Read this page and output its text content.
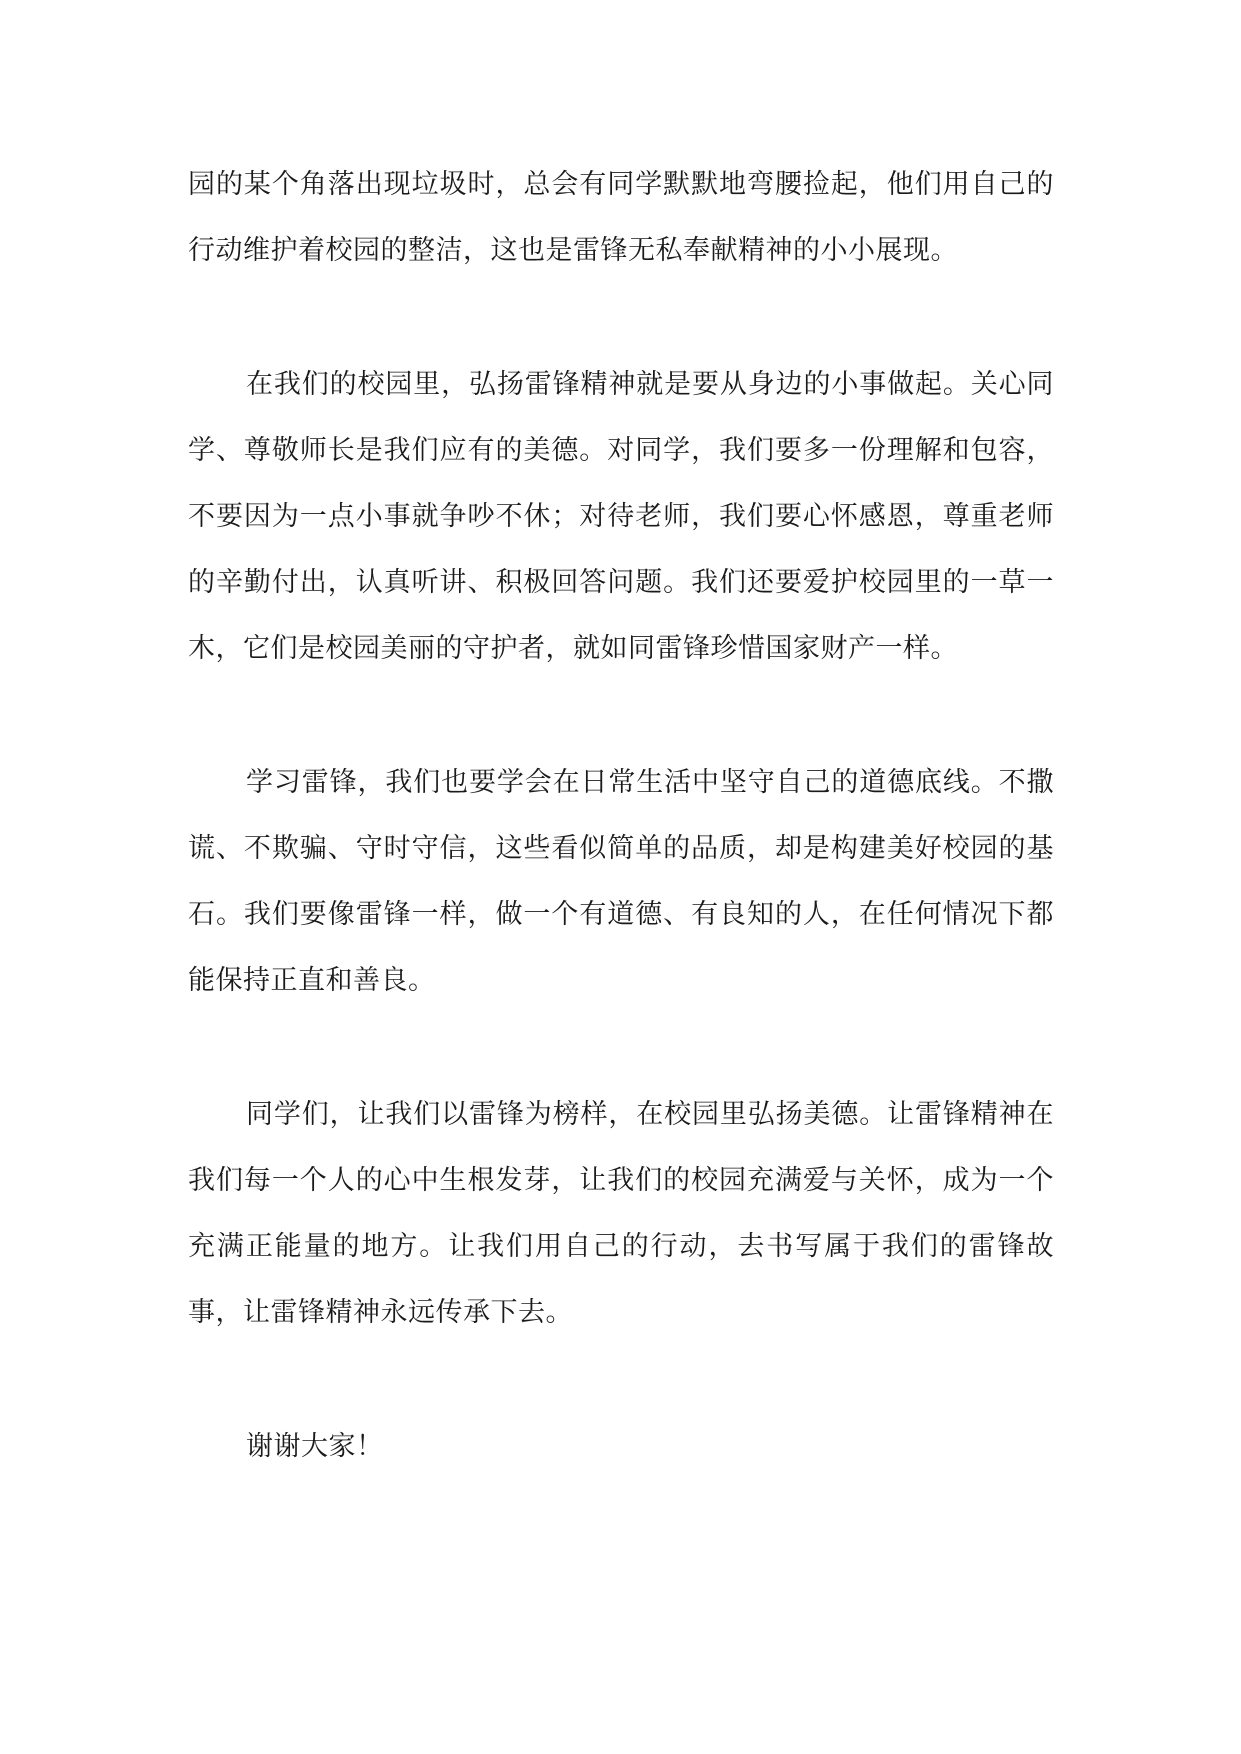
园的某个角落出现垃圾时，总会有同学默默地弯腰捡起，他们用自己的行动维护着校园的整洁，这也是雷锋无私奉献精神的小小展现。

在我们的校园里，弘扬雷锋精神就是要从身边的小事做起。关心同学、尊敬师长是我们应有的美德。对同学，我们要多一份理解和包容，不要因为一点小事就争吵不休；对待老师，我们要心怀感恩，尊重老师的辛勤付出，认真听讲、积极回答问题。我们还要爱护校园里的一草一木，它们是校园美丽的守护者，就如同雷锋珍惜国家财产一样。

学习雷锋，我们也要学会在日常生活中坚守自己的道德底线。不撒谎、不欺骗、守时守信，这些看似简单的品质，却是构建美好校园的基石。我们要像雷锋一样，做一个有道德、有良知的人，在任何情况下都能保持正直和善良。

同学们，让我们以雷锋为榜样，在校园里弘扬美德。让雷锋精神在我们每一个人的心中生根发芽，让我们的校园充满爱与关怀，成为一个充满正能量的地方。让我们用自己的行动，去书写属于我们的雷锋故事，让雷锋精神永远传承下去。

谢谢大家！
